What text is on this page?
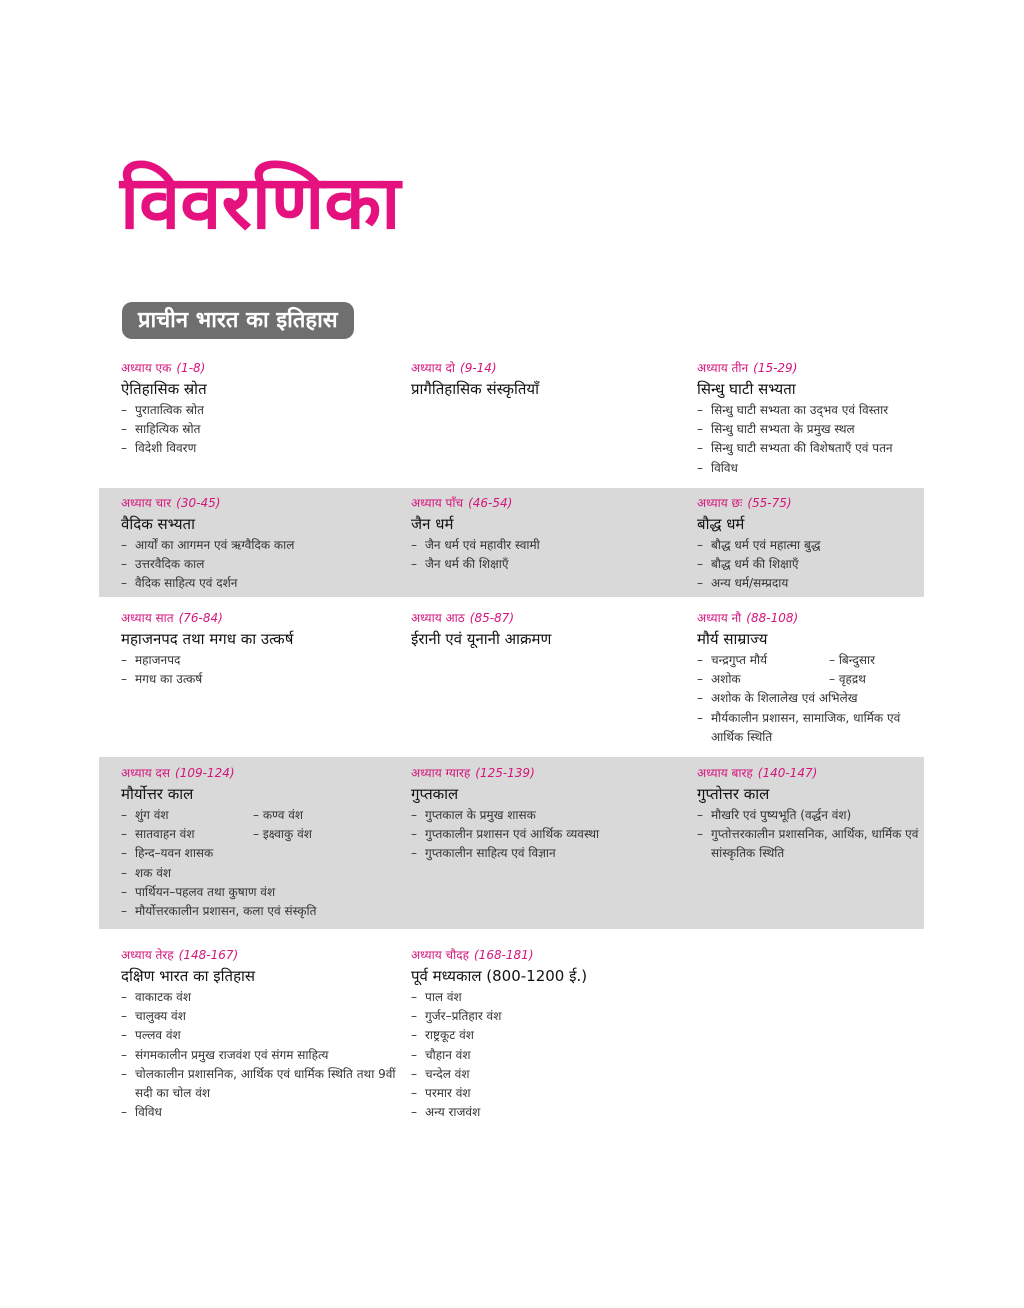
विवरणिका
प्राचीन भारत का इतिहास
अध्याय एक (1-8)
ऐतिहासिक स्रोत
– पुरातात्विक स्रोत
– साहित्यिक स्रोत
– विदेशी विवरण
अध्याय दो (9-14)
प्रागैतिहासिक संस्कृतियाँ
अध्याय तीन (15-29)
सिन्धु घाटी सभ्यता
– सिन्धु घाटी सभ्यता का उद्‌भव एवं विस्तार
– सिन्धु घाटी सभ्यता के प्रमुख स्थल
– सिन्धु घाटी सभ्यता की विशेषताएँ एवं पतन
– विविध
अध्याय चार (30-45)
वैदिक सभ्यता
– आर्यों का आगमन एवं ऋग्वैदिक काल
– उत्तरवैदिक काल
– वैदिक साहित्य एवं दर्शन
अध्याय पाँच (46-54)
जैन धर्म
– जैन धर्म एवं महावीर स्वामी
– जैन धर्म की शिक्षाएँ
अध्याय छः (55-75)
बौद्ध धर्म
– बौद्ध धर्म एवं महात्मा बुद्ध
– बौद्ध धर्म की शिक्षाएँ
– अन्य धर्म/सम्प्रदाय
अध्याय सात (76-84)
महाजनपद तथा मगध का उत्कर्ष
– महाजनपद
– मगध का उत्कर्ष
अध्याय आठ (85-87)
ईरानी एवं यूनानी आक्रमण
अध्याय नौ (88-108)
मौर्य साम्राज्य
– चन्द्रगुप्त मौर्य	– बिन्दुसार
– अशोक	– वृहद्रथ
– अशोक के शिलालेख एवं अभिलेख
– मौर्यकालीन प्रशासन, सामाजिक, धार्मिक एवं आर्थिक स्थिति
अध्याय दस (109-124)
मौर्योत्तर काल
– शुंग वंश	– कण्व वंश
– सातवाहन वंश	– इक्ष्वाकु वंश
– हिन्द–यवन शासक
– शक वंश
– पार्थियन–पहलव तथा कुषाण वंश
– मौर्योत्तरकालीन प्रशासन, कला एवं संस्कृति
अध्याय ग्यारह (125-139)
गुप्तकाल
– गुप्तकाल के प्रमुख शासक
– गुप्तकालीन प्रशासन एवं आर्थिक व्यवस्था
– गुप्तकालीन साहित्य एवं विज्ञान
अध्याय बारह (140-147)
गुप्तोत्तर काल
– मौखरि एवं पुष्यभूति (वर्द्धन वंश)
– गुप्तोत्तरकालीन प्रशासनिक, आर्थिक, धार्मिक एवं सांस्कृतिक स्थिति
अध्याय तेरह (148-167)
दक्षिण भारत का इतिहास
– वाकाटक वंश
– चालुक्य वंश
– पल्लव वंश
– संगमकालीन प्रमुख राजवंश एवं संगम साहित्य
– चोलकालीन प्रशासनिक, आर्थिक एवं धार्मिक स्थिति तथा 9वीं सदी का चोल वंश
– विविध
अध्याय चौदह (168-181)
पूर्व मध्यकाल (800-1200 ई.)
– पाल वंश
– गुर्जर–प्रतिहार वंश
– राष्ट्रकूट वंश
– चौहान वंश
– चन्देल वंश
– परमार वंश
– अन्य राजवंश
